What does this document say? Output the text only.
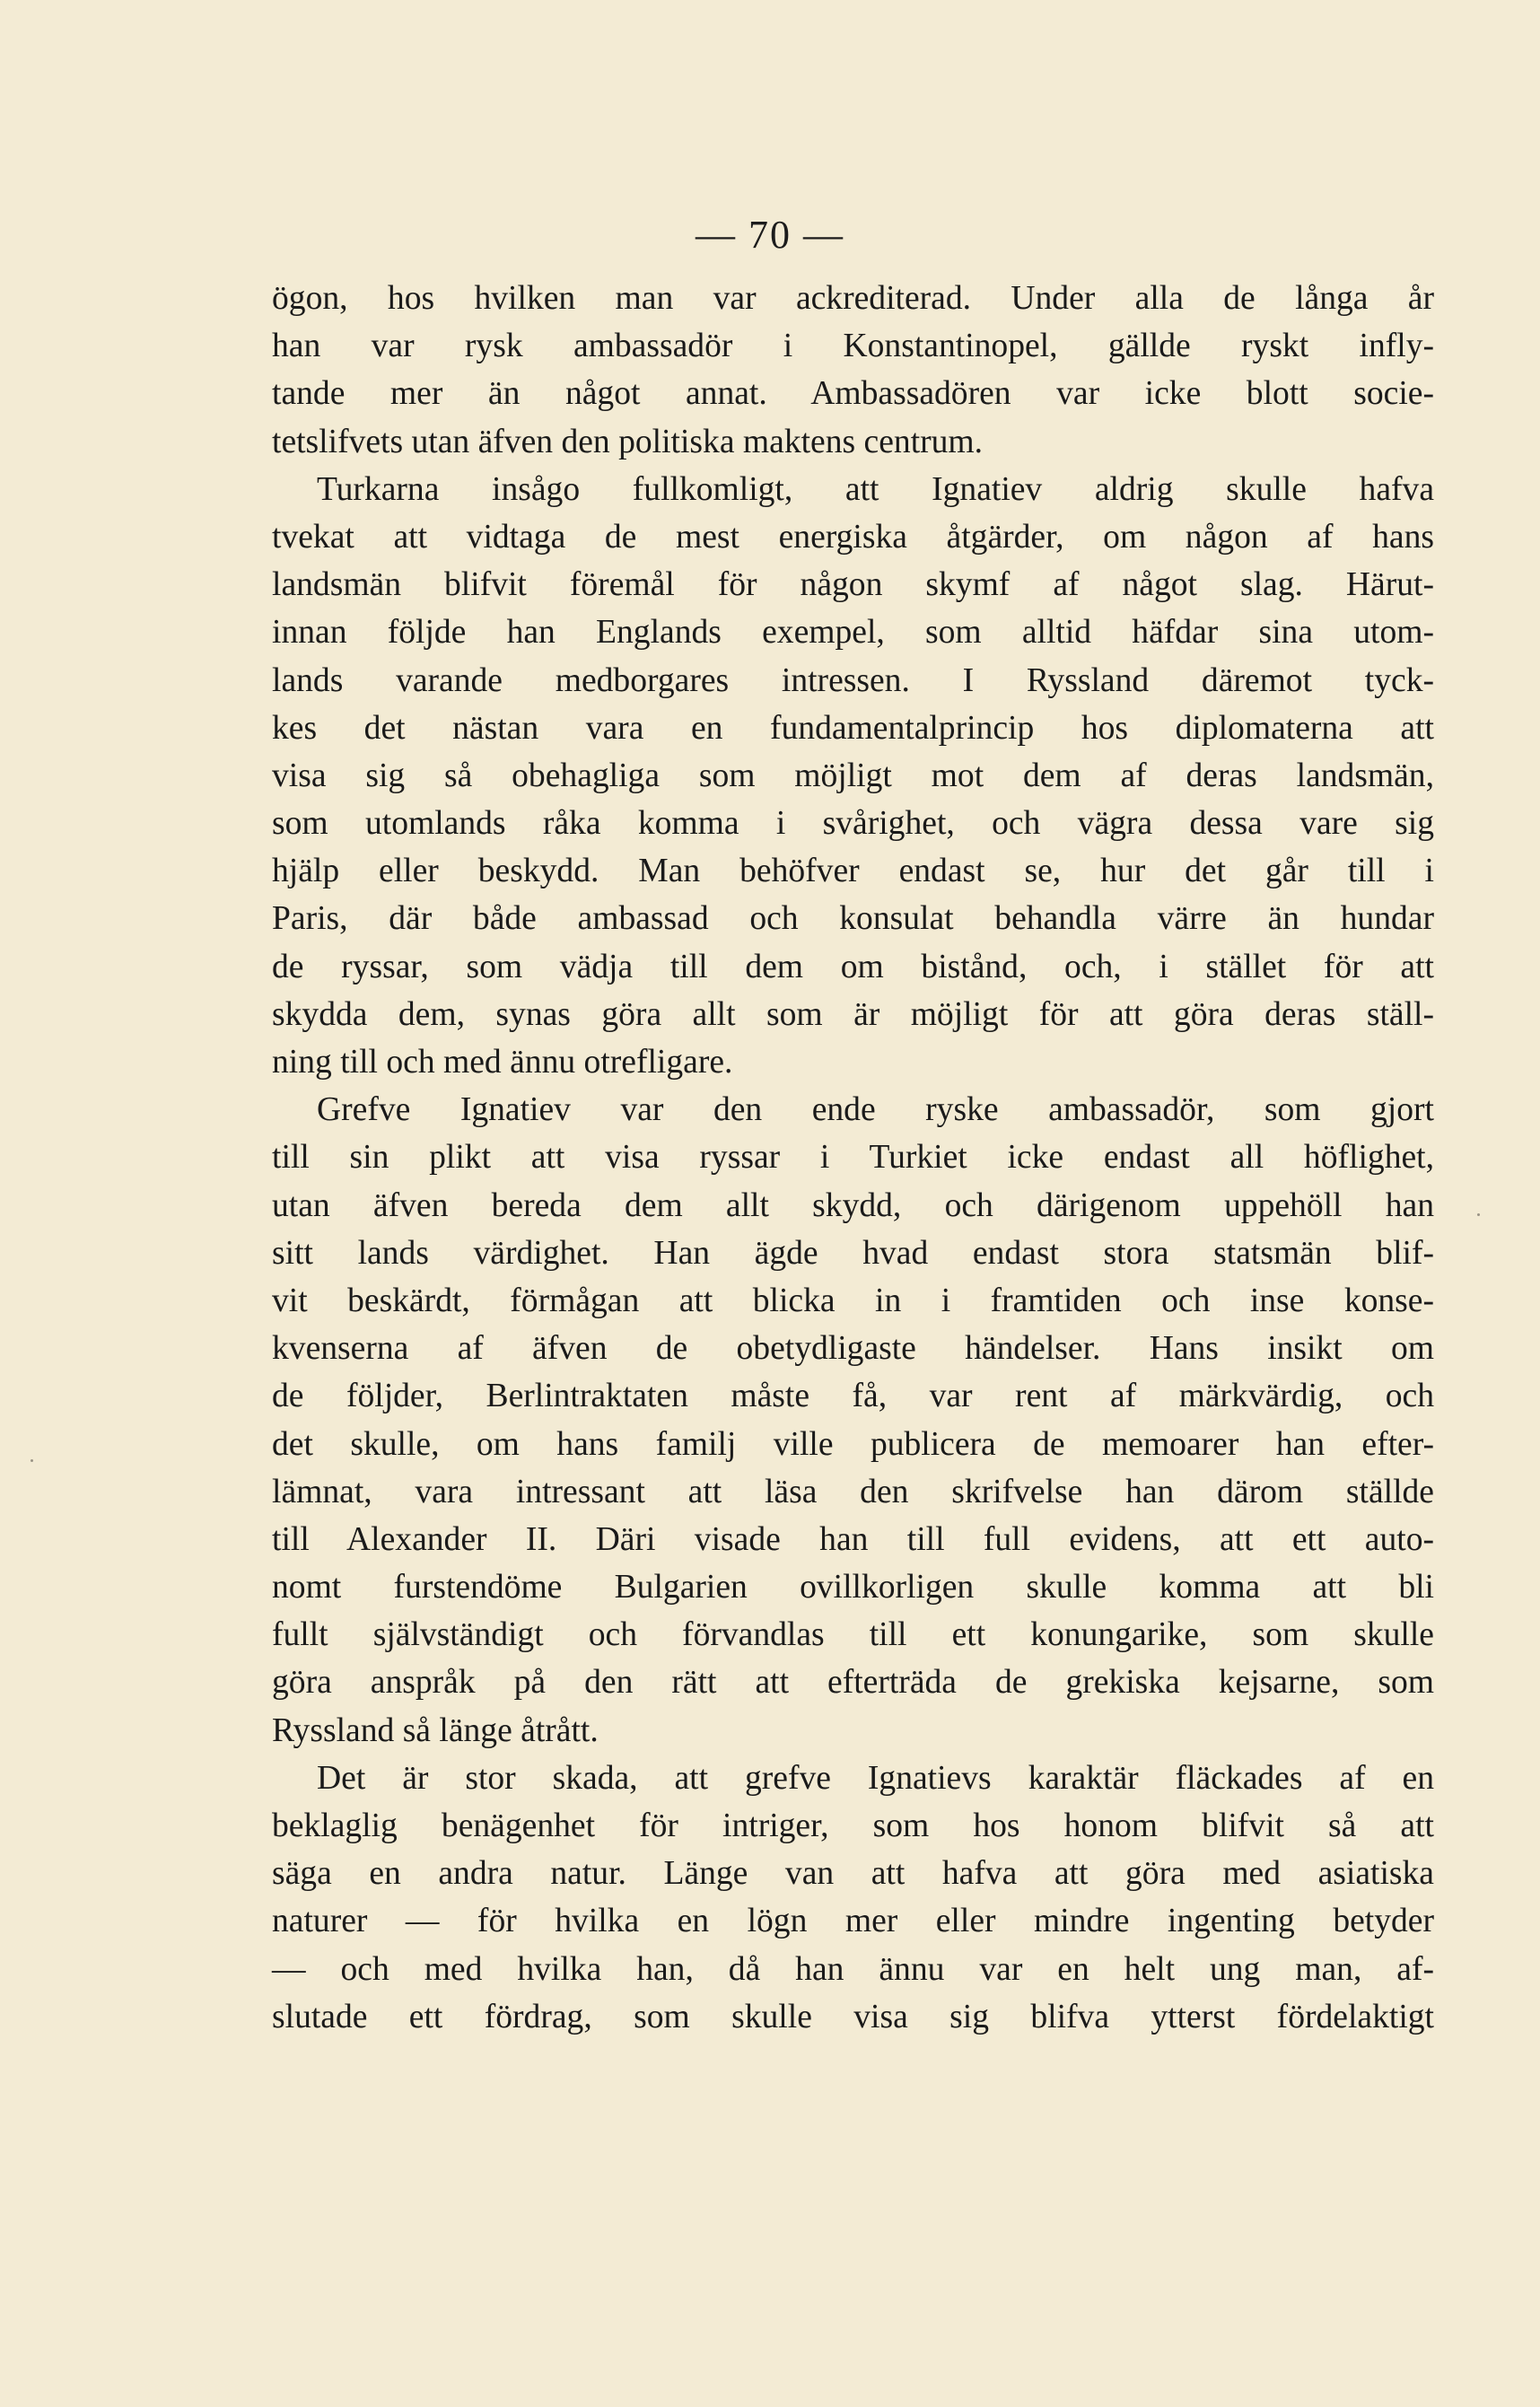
— 70 —
ögon, hos hvilken man var ackrediterad. Under alla de långa år
han var rysk ambassadör i Konstantinopel, gällde ryskt infly-
tande mer än något annat. Ambassadören var icke blott socie-
tetslifvets utan äfven den politiska maktens centrum.
Turkarna insågo fullkomligt, att Ignatiev aldrig skulle hafva
tvekat att vidtaga de mest energiska åtgärder, om någon af hans
landsmän blifvit föremål för någon skymf af något slag. Härut-
innan följde han Englands exempel, som alltid häfdar sina utom-
lands varande medborgares intressen. I Ryssland däremot tyck-
kes det nästan vara en fundamentalprincip hos diplomaterna att
visa sig så obehagliga som möjligt mot dem af deras landsmän,
som utomlands råka komma i svårighet, och vägra dessa vare sig
hjälp eller beskydd. Man behöfver endast se, hur det går till i
Paris, där både ambassad och konsulat behandla värre än hundar
de ryssar, som vädja till dem om bistånd, och, i stället för att
skydda dem, synas göra allt som är möjligt för att göra deras ställ-
ning till och med ännu otrefligare.
Grefve Ignatiev var den ende ryske ambassadör, som gjort
till sin plikt att visa ryssar i Turkiet icke endast all höflighet,
utan äfven bereda dem allt skydd, och därigenom uppehöll han
sitt lands värdighet. Han ägde hvad endast stora statsmän blif-
vit beskärdt, förmågan att blicka in i framtiden och inse konse-
kvenserna af äfven de obetydligaste händelser. Hans insikt om
de följder, Berlintraktaten måste få, var rent af märkvärdig, och
det skulle, om hans familj ville publicera de memoarer han efter-
lämnat, vara intressant att läsa den skrifvelse han därom ställde
till Alexander II. Däri visade han till full evidens, att ett auto-
nomt furstendöme Bulgarien ovillkorligen skulle komma att bli
fullt självständigt och förvandlas till ett konungarike, som skulle
göra anspråk på den rätt att efterträda de grekiska kejsarne, som
Ryssland så länge åtrått.
Det är stor skada, att grefve Ignatievs karaktär fläckades af en
beklaglig benägenhet för intriger, som hos honom blifvit så att
säga en andra natur. Länge van att hafva att göra med asiatiska
naturer — för hvilka en lögn mer eller mindre ingenting betyder
— och med hvilka han, då han ännu var en helt ung man, af-
slutade ett fördrag, som skulle visa sig blifva ytterst fördelaktigt
